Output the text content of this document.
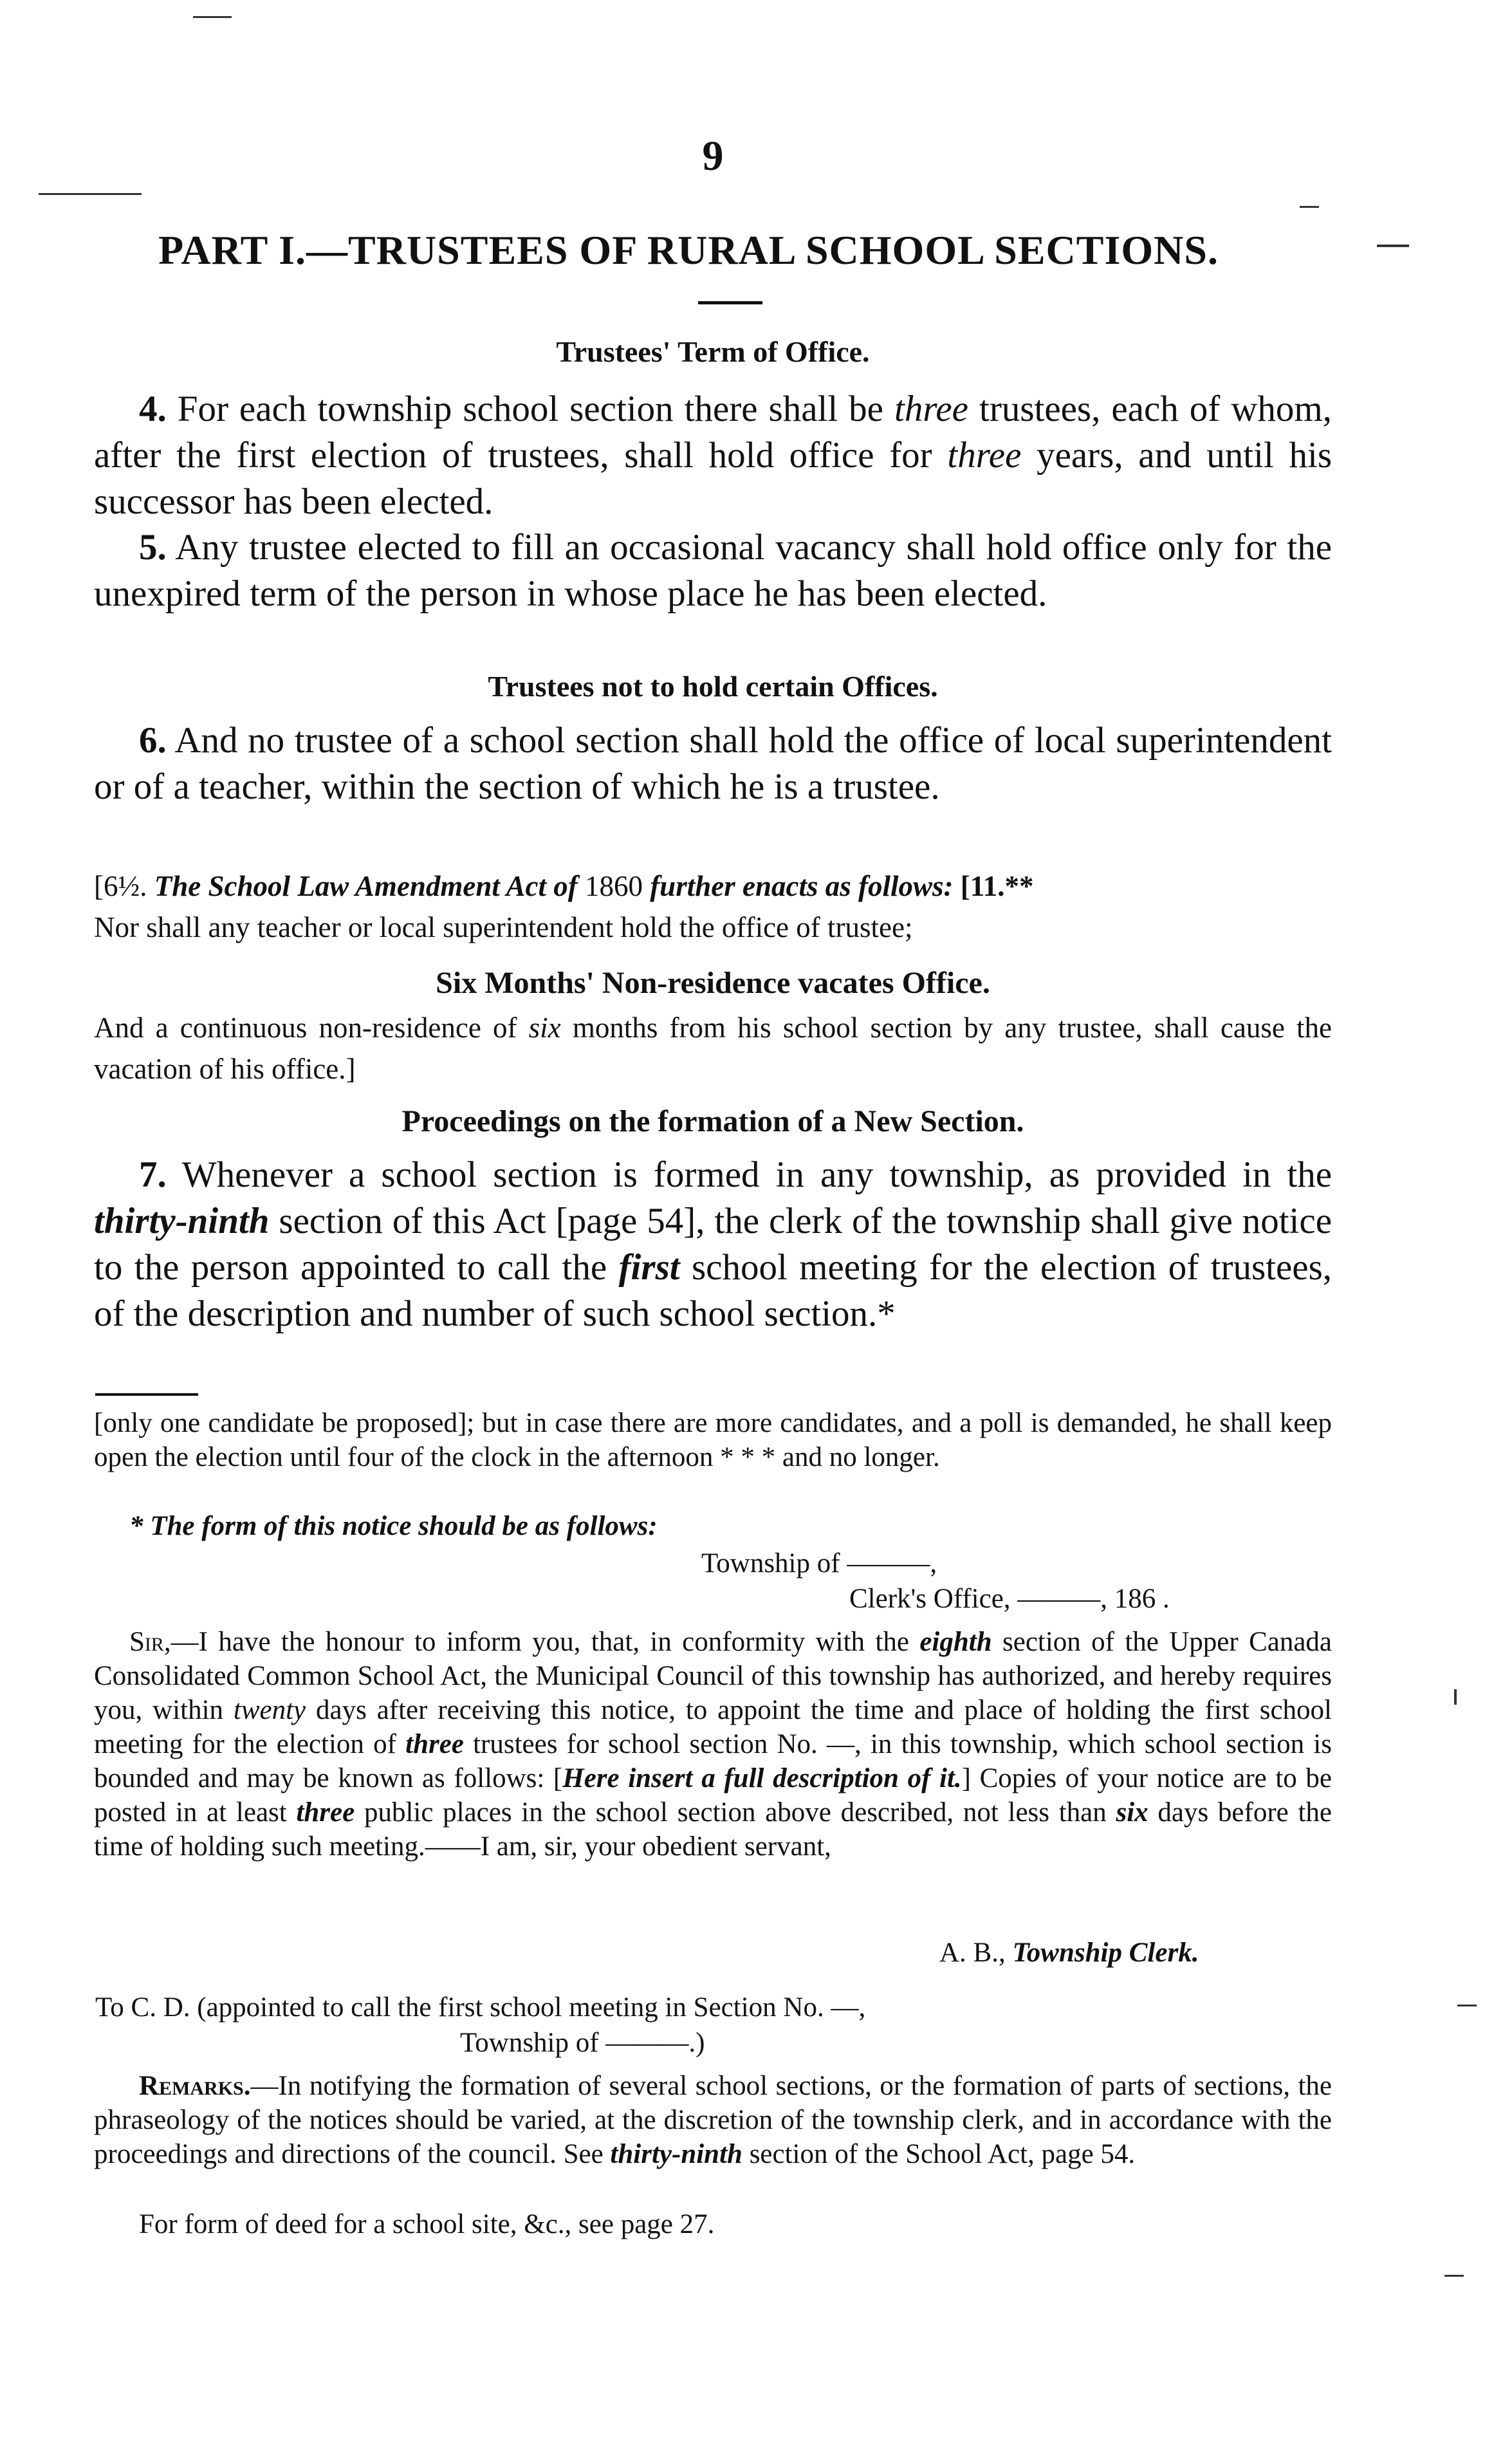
9
PART I.—TRUSTEES OF RURAL SCHOOL SECTIONS.
Trustees' Term of Office.

4. For each township school section there shall be three trustees, each of whom, after the first election of trustees, shall hold office for three years, and until his successor has been elected.

5. Any trustee elected to fill an occasional vacancy shall hold office only for the unexpired term of the person in whose place he has been elected.

Trustees not to hold certain Offices.

6. And no trustee of a school section shall hold the office of local superintendent or of a teacher, within the section of which he is a trustee.

[6½. The School Law Amendment Act of 1860 further enacts as follows: [11.**
Nor shall any teacher or local superintendent hold the office of trustee;

Six Months' Non-residence vacates Office.

And a continuous non-residence of six months from his school section by any trustee, shall cause the vacation of his office.]

Proceedings on the formation of a New Section.

7. Whenever a school section is formed in any township, as provided in the thirty-ninth section of this Act [page 54], the clerk of the township shall give notice to the person appointed to call the first school meeting for the election of trustees, of the description and number of such school section.*

[only one candidate be proposed]; but in case there are more candidates, and a poll is demanded, he shall keep open the election until four of the clock in the afternoon * * * and no longer.

* The form of this notice should be as follows:

Township of ———,
Clerk's Office, ———, 186 .

Sir,—I have the honour to inform you, that, in conformity with the eighth section of the Upper Canada Consolidated Common School Act, the Municipal Council of this township has authorized, and hereby requires you, within twenty days after receiving this notice, to appoint the time and place of holding the first school meeting for the election of three trustees for school section No. —, in this township, which school section is bounded and may be known as follows: [Here insert a full description of it.] Copies of your notice are to be posted in at least three public places in the school section above described, not less than six days before the time of holding such meeting.——I am, sir, your obedient servant,

A. B., Township Clerk.
To C. D. (appointed to call the first school meeting in Section No. —,
Township of ———.)

Remarks.—In notifying the formation of several school sections, or the formation of parts of sections, the phraseology of the notices should be varied, at the discretion of the township clerk, and in accordance with the proceedings and directions of the council. See thirty-ninth section of the School Act, page 54.

For form of deed for a school site, &c., see page 27.
